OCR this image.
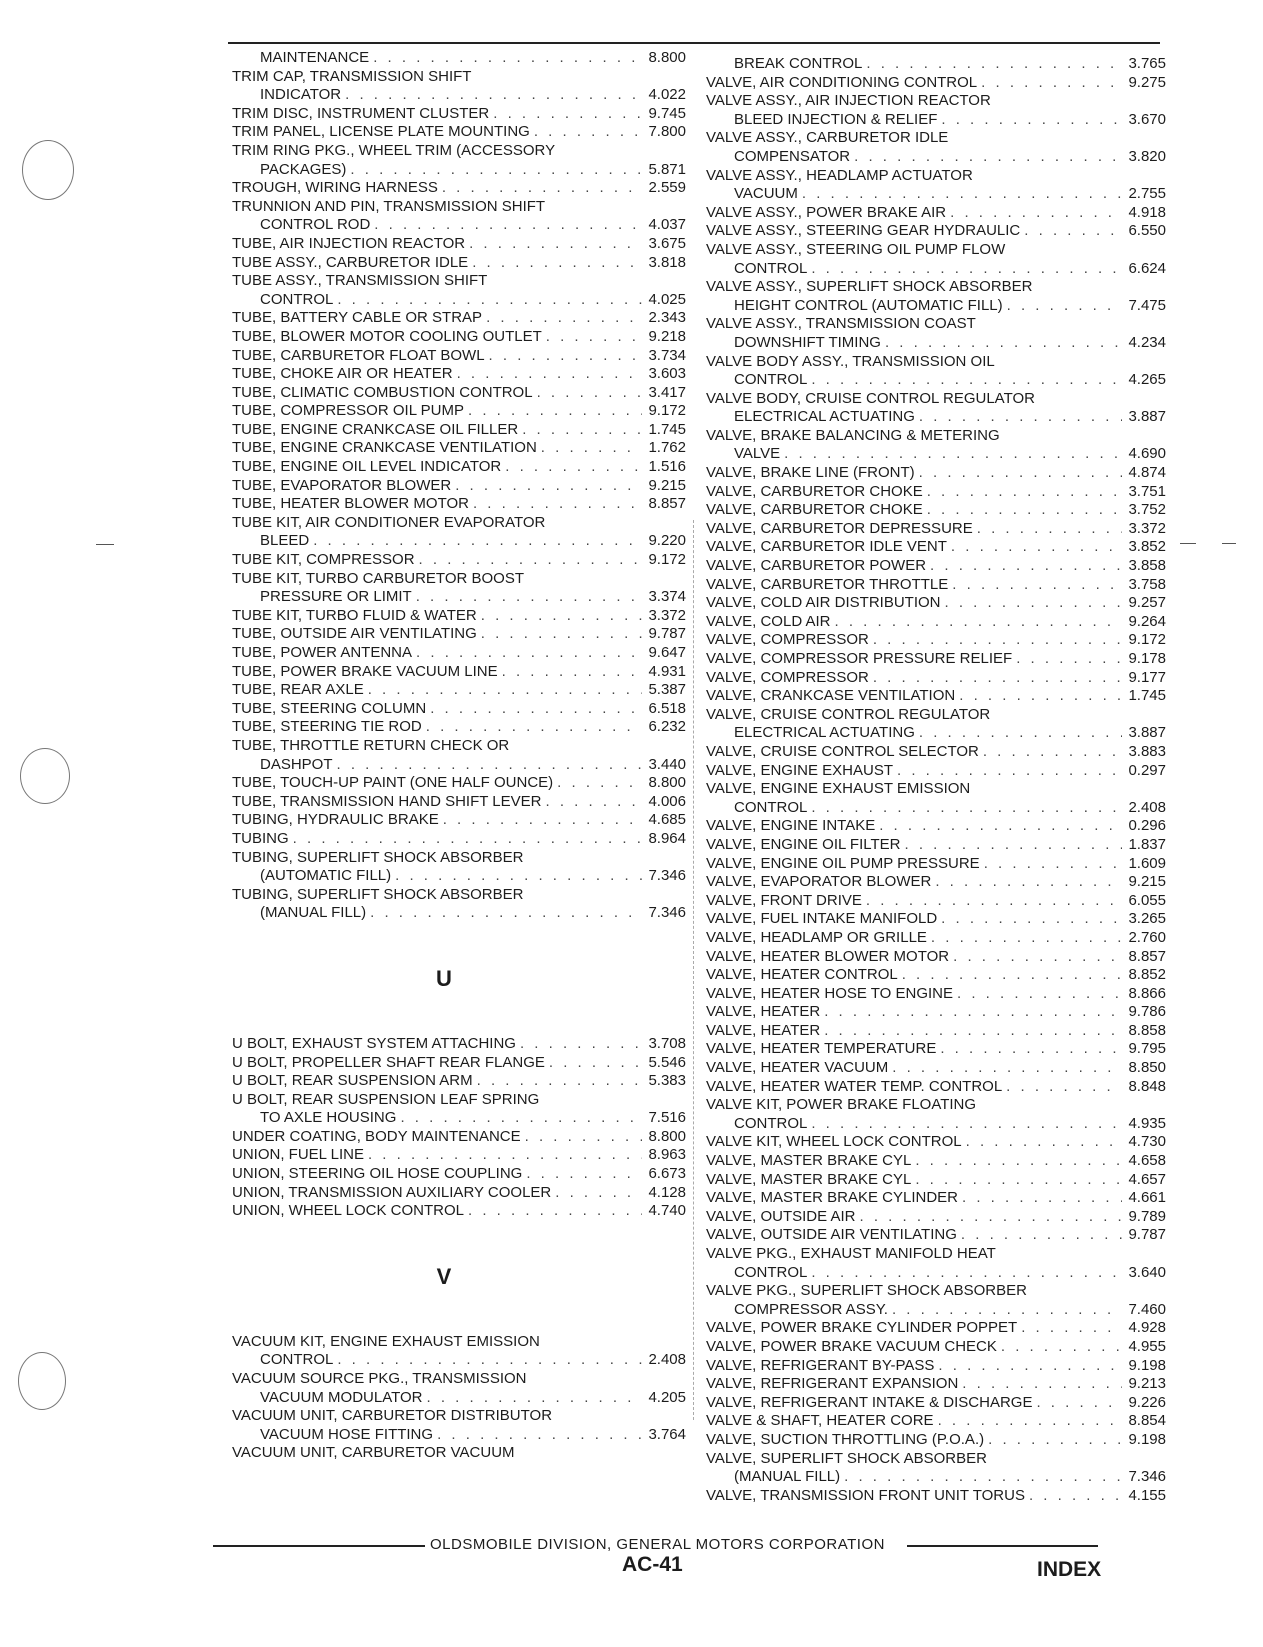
MAINTENANCE . . .	8.800
TRIM CAP, TRANSMISSION SHIFT
INDICATOR . . .	4.022
TRIM DISC, INSTRUMENT CLUSTER . . .	9.745
TRIM PANEL, LICENSE PLATE MOUNTING . . .	7.800
TRIM RING PKG., WHEEL TRIM (ACCESSORY
PACKAGES) . . .	5.871
TROUGH, WIRING HARNESS . . .	2.559
TRUNNION AND PIN, TRANSMISSION SHIFT
CONTROL ROD . . .	4.037
TUBE, AIR INJECTION REACTOR . . .	3.675
TUBE ASSY., CARBURETOR IDLE . . .	3.818
TUBE ASSY., TRANSMISSION SHIFT
CONTROL . . .	4.025
TUBE, BATTERY CABLE OR STRAP . . .	2.343
TUBE, BLOWER MOTOR COOLING OUTLET . . .	9.218
TUBE, CARBURETOR FLOAT BOWL . . .	3.734
TUBE, CHOKE AIR OR HEATER . . .	3.603
TUBE, CLIMATIC COMBUSTION CONTROL . . .	3.417
TUBE, COMPRESSOR OIL PUMP . . .	9.172
TUBE, ENGINE CRANKCASE OIL FILLER . . .	1.745
TUBE, ENGINE CRANKCASE VENTILATION . . .	1.762
TUBE, ENGINE OIL LEVEL INDICATOR . . .	1.516
TUBE, EVAPORATOR BLOWER . . .	9.215
TUBE, HEATER BLOWER MOTOR . . .	8.857
TUBE KIT, AIR CONDITIONER EVAPORATOR
BLEED . . .	9.220
TUBE KIT, COMPRESSOR . . .	9.172
TUBE KIT, TURBO CARBURETOR BOOST
PRESSURE OR LIMIT . . .	3.374
TUBE KIT, TURBO FLUID & WATER . . .	3.372
TUBE, OUTSIDE AIR VENTILATING . . .	9.787
TUBE, POWER ANTENNA . . .	9.647
TUBE, POWER BRAKE VACUUM LINE . . .	4.931
TUBE, REAR AXLE . . .	5.387
TUBE, STEERING COLUMN . . .	6.518
TUBE, STEERING TIE ROD . . .	6.232
TUBE, THROTTLE RETURN CHECK OR
DASHPOT . . .	3.440
TUBE, TOUCH-UP PAINT (ONE HALF OUNCE) . . .	8.800
TUBE, TRANSMISSION HAND SHIFT LEVER . . .	4.006
TUBING, HYDRAULIC BRAKE . . .	4.685
TUBING . . .	8.964
TUBING, SUPERLIFT SHOCK ABSORBER
(AUTOMATIC FILL) . . .	7.346
TUBING, SUPERLIFT SHOCK ABSORBER
(MANUAL FILL) . . .	7.346
U
U BOLT, EXHAUST SYSTEM ATTACHING . . .	3.708
U BOLT, PROPELLER SHAFT REAR FLANGE . . .	5.546
U BOLT, REAR SUSPENSION ARM . . .	5.383
U BOLT, REAR SUSPENSION LEAF SPRING
TO AXLE HOUSING . . .	7.516
UNDER COATING, BODY MAINTENANCE . . .	8.800
UNION, FUEL LINE . . .	8.963
UNION, STEERING OIL HOSE COUPLING . . .	6.673
UNION, TRANSMISSION AUXILIARY COOLER . . .	4.128
UNION, WHEEL LOCK CONTROL . . .	4.740
V
VACUUM KIT, ENGINE EXHAUST EMISSION
CONTROL . . .	2.408
VACUUM SOURCE PKG., TRANSMISSION
VACUUM MODULATOR . . .	4.205
VACUUM UNIT, CARBURETOR DISTRIBUTOR
VACUUM HOSE FITTING . . .	3.764
VACUUM UNIT, CARBURETOR VACUUM
BREAK CONTROL . . .	3.765
VALVE, AIR CONDITIONING CONTROL . . .	9.275
VALVE ASSY., AIR INJECTION REACTOR
BLEED INJECTION & RELIEF . . .	3.670
VALVE ASSY., CARBURETOR IDLE
COMPENSATOR . . .	3.820
VALVE ASSY., HEADLAMP ACTUATOR
VACUUM . . .	2.755
VALVE ASSY., POWER BRAKE AIR . . .	4.918
VALVE ASSY., STEERING GEAR HYDRAULIC . . .	6.550
VALVE ASSY., STEERING OIL PUMP FLOW
CONTROL . . .	6.624
VALVE ASSY., SUPERLIFT SHOCK ABSORBER
HEIGHT CONTROL (AUTOMATIC FILL) . . .	7.475
VALVE ASSY., TRANSMISSION COAST
DOWNSHIFT TIMING . . .	4.234
VALVE BODY ASSY., TRANSMISSION OIL
CONTROL . . .	4.265
VALVE BODY, CRUISE CONTROL REGULATOR
ELECTRICAL ACTUATING . . .	3.887
VALVE, BRAKE BALANCING & METERING
VALVE . . .	4.690
VALVE, BRAKE LINE (FRONT) . . .	4.874
VALVE, CARBURETOR CHOKE . . .	3.751
VALVE, CARBURETOR CHOKE . . .	3.752
VALVE, CARBURETOR DEPRESSURE . . .	3.372
VALVE, CARBURETOR IDLE VENT . . .	3.852
VALVE, CARBURETOR POWER . . .	3.858
VALVE, CARBURETOR THROTTLE . . .	3.758
VALVE, COLD AIR DISTRIBUTION . . .	9.257
VALVE, COLD AIR . . .	9.264
VALVE, COMPRESSOR . . .	9.172
VALVE, COMPRESSOR PRESSURE RELIEF . . .	9.178
VALVE, COMPRESSOR . . .	9.177
VALVE, CRANKCASE VENTILATION . . .	1.745
VALVE, CRUISE CONTROL REGULATOR
ELECTRICAL ACTUATING . . .	3.887
VALVE, CRUISE CONTROL SELECTOR . . .	3.883
VALVE, ENGINE EXHAUST . . .	0.297
VALVE, ENGINE EXHAUST EMISSION
CONTROL . . .	2.408
VALVE, ENGINE INTAKE . . .	0.296
VALVE, ENGINE OIL FILTER . . .	1.837
VALVE, ENGINE OIL PUMP PRESSURE . . .	1.609
VALVE, EVAPORATOR BLOWER . . .	9.215
VALVE, FRONT DRIVE . . .	6.055
VALVE, FUEL INTAKE MANIFOLD . . .	3.265
VALVE, HEADLAMP OR GRILLE . . .	2.760
VALVE, HEATER BLOWER MOTOR . . .	8.857
VALVE, HEATER CONTROL . . .	8.852
VALVE, HEATER HOSE TO ENGINE . . .	8.866
VALVE, HEATER . . .	9.786
VALVE, HEATER . . .	8.858
VALVE, HEATER TEMPERATURE . . .	9.795
VALVE, HEATER VACUUM . . .	8.850
VALVE, HEATER WATER TEMP. CONTROL . . .	8.848
VALVE KIT, POWER BRAKE FLOATING
CONTROL . . .	4.935
VALVE KIT, WHEEL LOCK CONTROL . . .	4.730
VALVE, MASTER BRAKE CYL . . .	4.658
VALVE, MASTER BRAKE CYL . . .	4.657
VALVE, MASTER BRAKE CYLINDER . . .	4.661
VALVE, OUTSIDE AIR . . .	9.789
VALVE, OUTSIDE AIR VENTILATING . . .	9.787
VALVE PKG., EXHAUST MANIFOLD HEAT
CONTROL . . .	3.640
VALVE PKG., SUPERLIFT SHOCK ABSORBER
COMPRESSOR ASSY. . . .	7.460
VALVE, POWER BRAKE CYLINDER POPPET . . .	4.928
VALVE, POWER BRAKE VACUUM CHECK . . .	4.955
VALVE, REFRIGERANT BY-PASS . . .	9.198
VALVE, REFRIGERANT EXPANSION . . .	9.213
VALVE, REFRIGERANT INTAKE & DISCHARGE . . .	9.226
VALVE & SHAFT, HEATER CORE . . .	8.854
VALVE, SUCTION THROTTLING (P.O.A.) . . .	9.198
VALVE, SUPERLIFT SHOCK ABSORBER
(MANUAL FILL) . . .	7.346
VALVE, TRANSMISSION FRONT UNIT TORUS . . .	4.155
OLDSMOBILE DIVISION, GENERAL MOTORS CORPORATION
AC-41	INDEX
